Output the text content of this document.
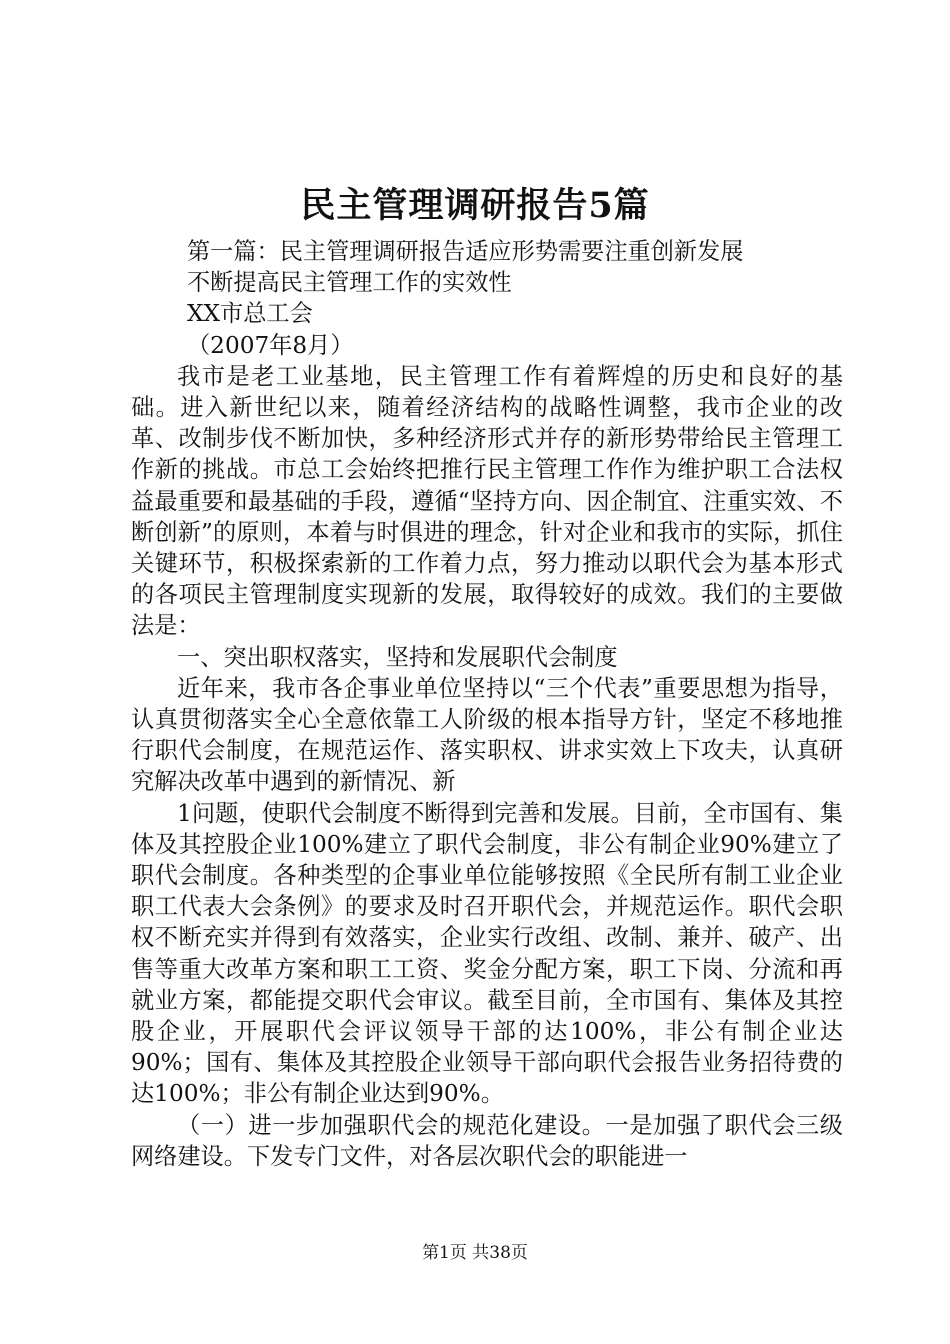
民主管理调研报告5篇

第一篇：民主管理调研报告适应形势需要注重创新发展

不断提高民主管理工作的实效性

XX市总工会

（2007年8月）

我市是老工业基地，民主管理工作有着辉煌的历史和良好的基础。进入新世纪以来，随着经济结构的战略性调整，我市企业的改革、改制步伐不断加快，多种经济形式并存的新形势带给民主管理工作新的挑战。市总工会始终把推行民主管理工作作为维护职工合法权益最重要和最基础的手段，遵循“坚持方向、因企制宜、注重实效、不断创新”的原则，本着与时俱进的理念，针对企业和我市的实际，抓住关键环节，积极探索新的工作着力点，努力推动以职代会为基本形式的各项民主管理制度实现新的发展，取得较好的成效。我们的主要做法是：

一、突出职权落实，坚持和发展职代会制度

近年来，我市各企事业单位坚持以“三个代表”重要思想为指导，认真贯彻落实全心全意依靠工人阶级的根本指导方针，坚定不移地推行职代会制度，在规范运作、落实职权、讲求实效上下攻夫，认真研究解决改革中遇到的新情况、新

1问题，使职代会制度不断得到完善和发展。目前，全市国有、集体及其控股企业100%建立了职代会制度，非公有制企业90%建立了职代会制度。各种类型的企事业单位能够按照《全民所有制工业企业职工代表大会条例》的要求及时召开职代会，并规范运作。职代会职权不断充实并得到有效落实，企业实行改组、改制、兼并、破产、出售等重大改革方案和职工工资、奖金分配方案，职工下岗、分流和再就业方案，都能提交职代会审议。截至目前，全市国有、集体及其控股企业，开展职代会评议领导干部的达100%，非公有制企业达90%；国有、集体及其控股企业领导干部向职代会报告业务招待费的达100%；非公有制企业达到90%。

（一）进一步加强职代会的规范化建设。一是加强了职代会三级网络建设。下发专门文件，对各层次职代会的职能进一

第1页 共38页
